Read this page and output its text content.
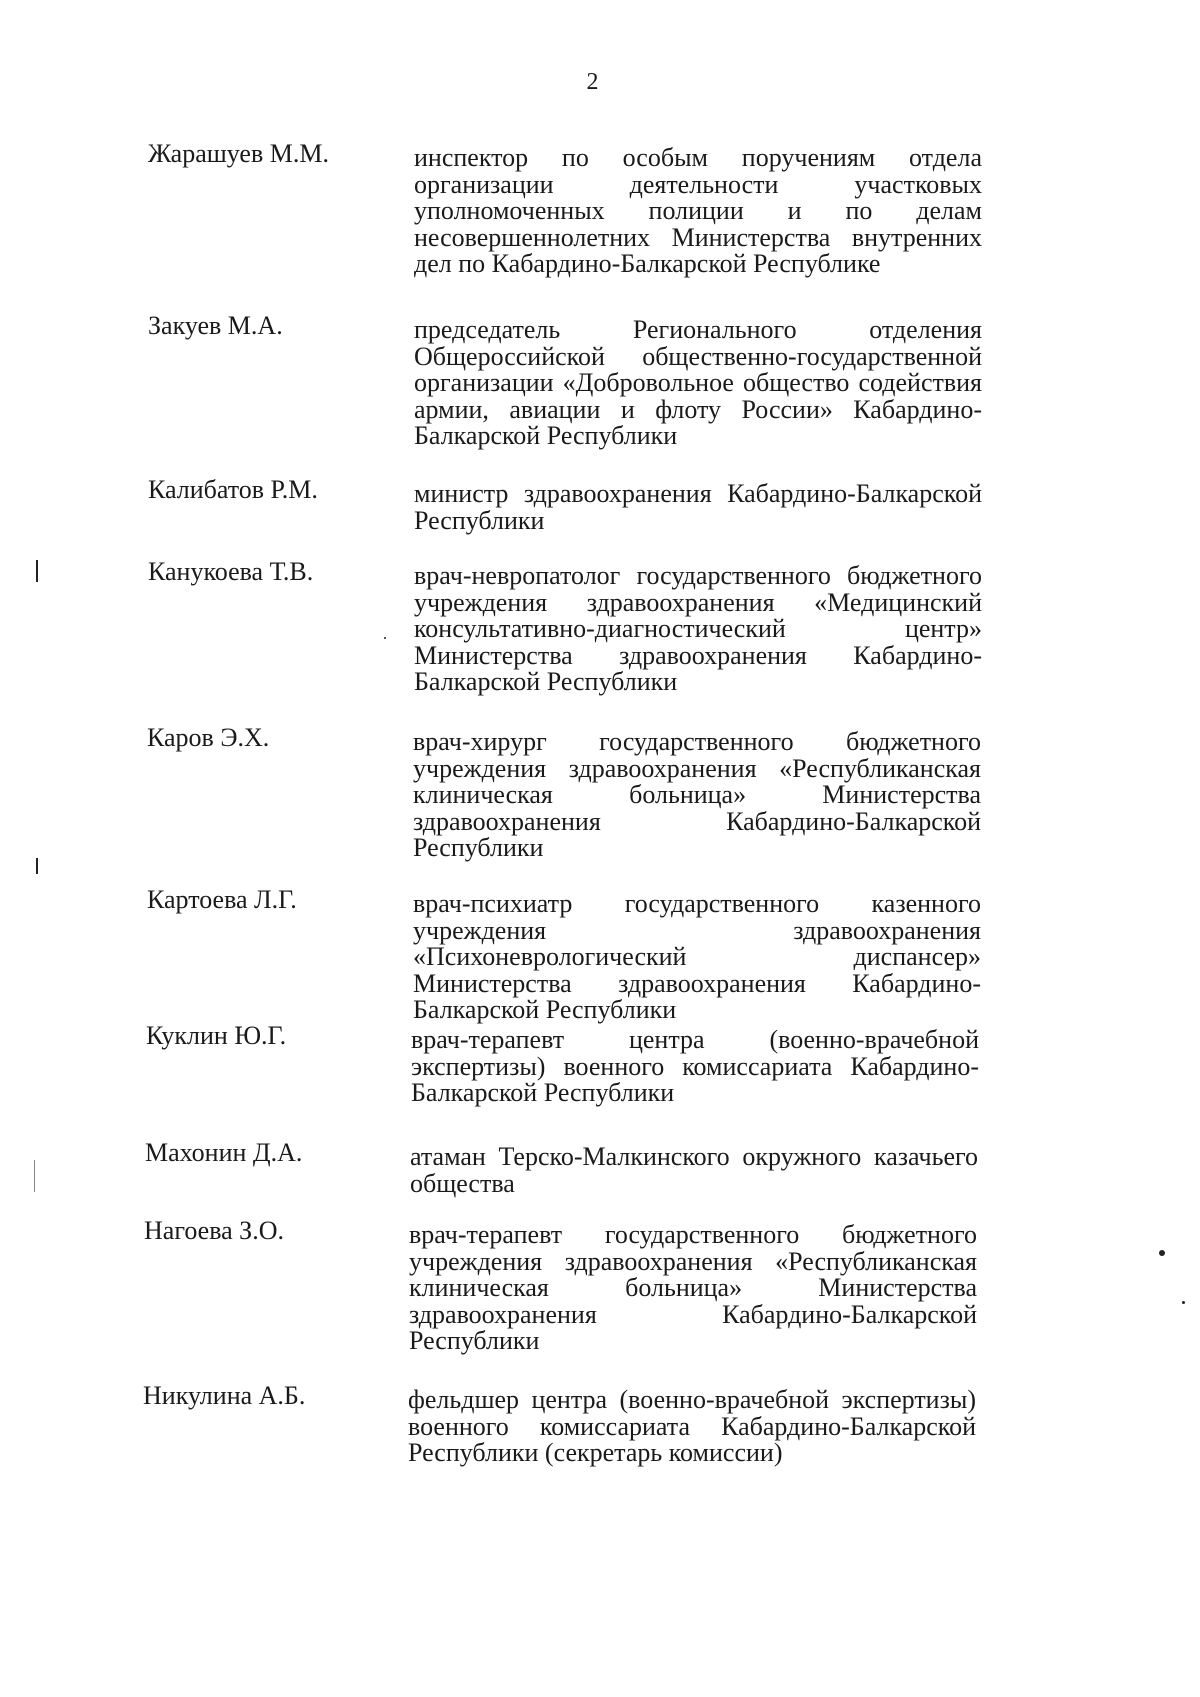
2
Жарашуев М.М.	инспектор по особым поручениям отдела организации деятельности участковых уполномоченных полиции и по делам несовершеннолетних Министерства внутренних дел по Кабардино-Балкарской Республике
Закуев М.А.	председатель Регионального отделения Общероссийской общественно-государственной организации «Добровольное общество содействия армии, авиации и флоту России» Кабардино-Балкарской Республики
Калибатов Р.М.	министр здравоохранения Кабардино-Балкарской Республики
Канукоева Т.В.	врач-невропатолог государственного бюджетного учреждения здравоохранения «Медицинский консультативно-диагностический центр» Министерства здравоохранения Кабардино-Балкарской Республики
Каров Э.Х.	врач-хирург государственного бюджетного учреждения здравоохранения «Республиканская клиническая больница» Министерства здравоохранения Кабардино-Балкарской Республики
Картоева Л.Г.	врач-психиатр государственного казенного учреждения здравоохранения «Психоневрологический диспансер» Министерства здравоохранения Кабардино-Балкарской Республики
Куклин Ю.Г.	врач-терапевт центра (военно-врачебной экспертизы) военного комиссариата Кабардино-Балкарской Республики
Махонин Д.А.	атаман Терско-Малкинского окружного казачьего общества
Нагоева З.О.	врач-терапевт государственного бюджетного учреждения здравоохранения «Республиканская клиническая больница» Министерства здравоохранения Кабардино-Балкарской Республики
Никулина А.Б.	фельдшер центра (военно-врачебной экспертизы) военного комиссариата Кабардино-Балкарской Республики (секретарь комиссии)
